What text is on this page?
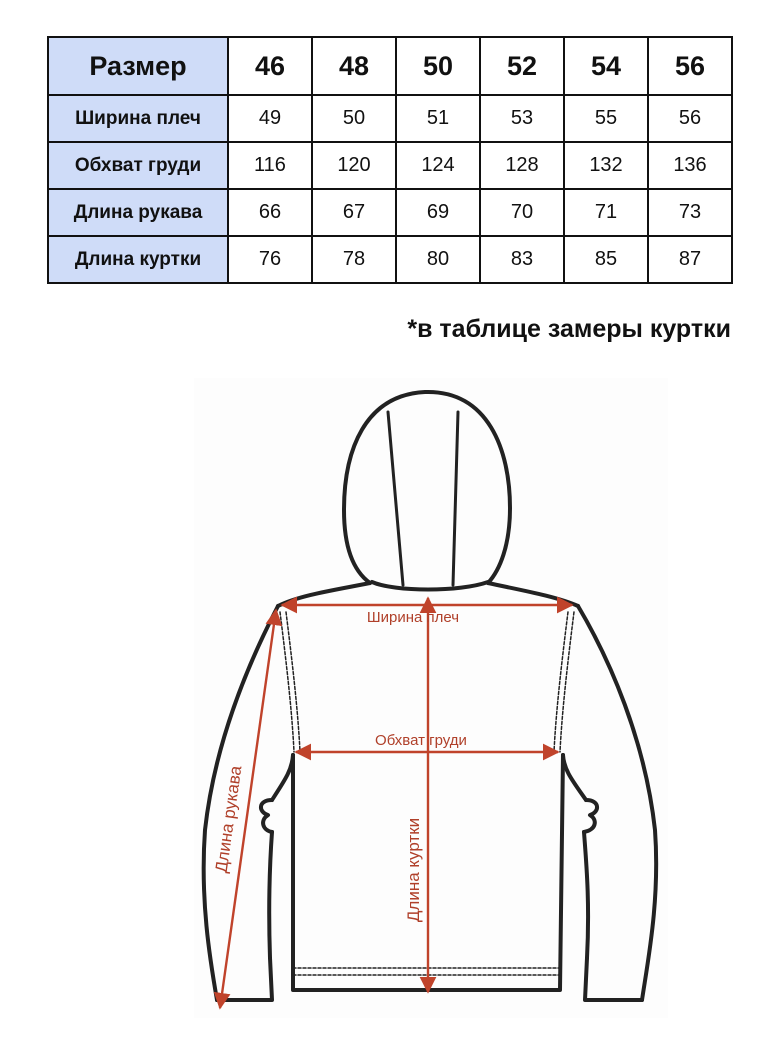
Размер	46	48	50	52	54	56
Ширина плеч	49	50	51	53	55	56
Обхват груди	116	120	124	128	132	136
Длина рукава	66	67	69	70	71	73
Длина куртки	76	78	80	83	85	87
*в таблице замеры куртки
Ширина плеч
Обхват груди
Длина куртки
Длина рукава
